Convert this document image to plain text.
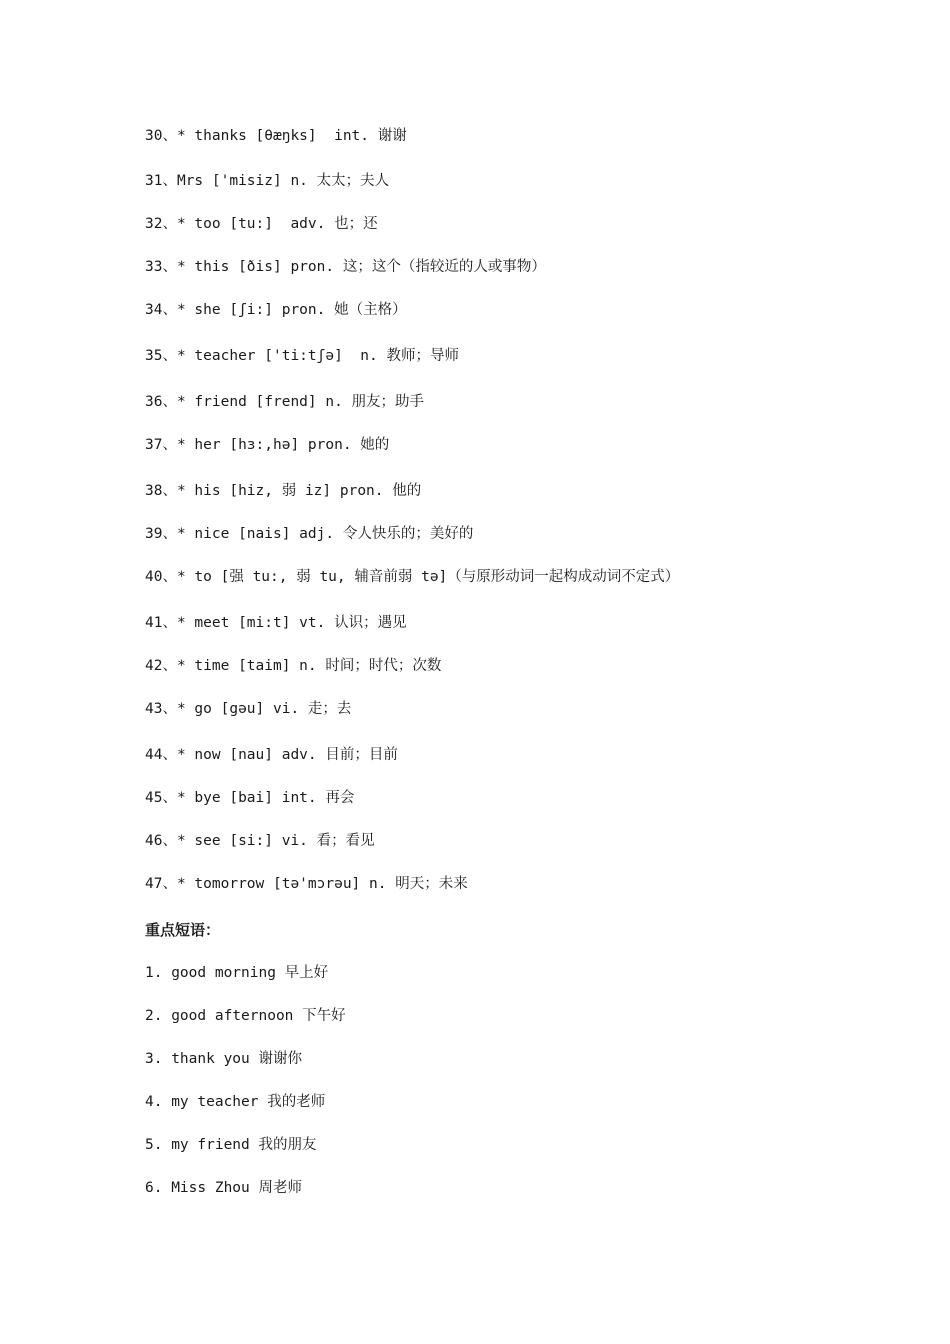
30、* thanks [θæŋks]  int. 谢谢
31、Mrs ['misiz] n. 太太；夫人
32、* too [tu:]  adv. 也；还
33、* this [ðis] pron. 这；这个（指较近的人或事物）
34、* she [ʃi:] pron. 她（主格）
35、* teacher ['ti:tʃə]  n. 教师；导师
36、* friend [frend] n. 朋友；助手
37、* her [hɜ:,hə] pron. 她的
38、* his [hiz, 弱 iz] pron. 他的
39、* nice [nais] adj. 令人快乐的；美好的
40、* to [强 tu:, 弱 tu, 辅音前弱 tə]（与原形动词一起构成动词不定式）
41、* meet [mi:t] vt. 认识；遇见
42、* time [taim] n. 时间；时代；次数
43、* go [gəu] vi. 走；去
44、* now [nau] adv. 目前；目前
45、* bye [bai] int. 再会
46、* see [si:] vi. 看；看见
47、* tomorrow [tə'mɔrəu] n. 明天；未来
重点短语：
1. good morning 早上好
2. good afternoon 下午好
3. thank you 谢谢你
4. my teacher 我的老师
5. my friend 我的朋友
6. Miss Zhou 周老师
